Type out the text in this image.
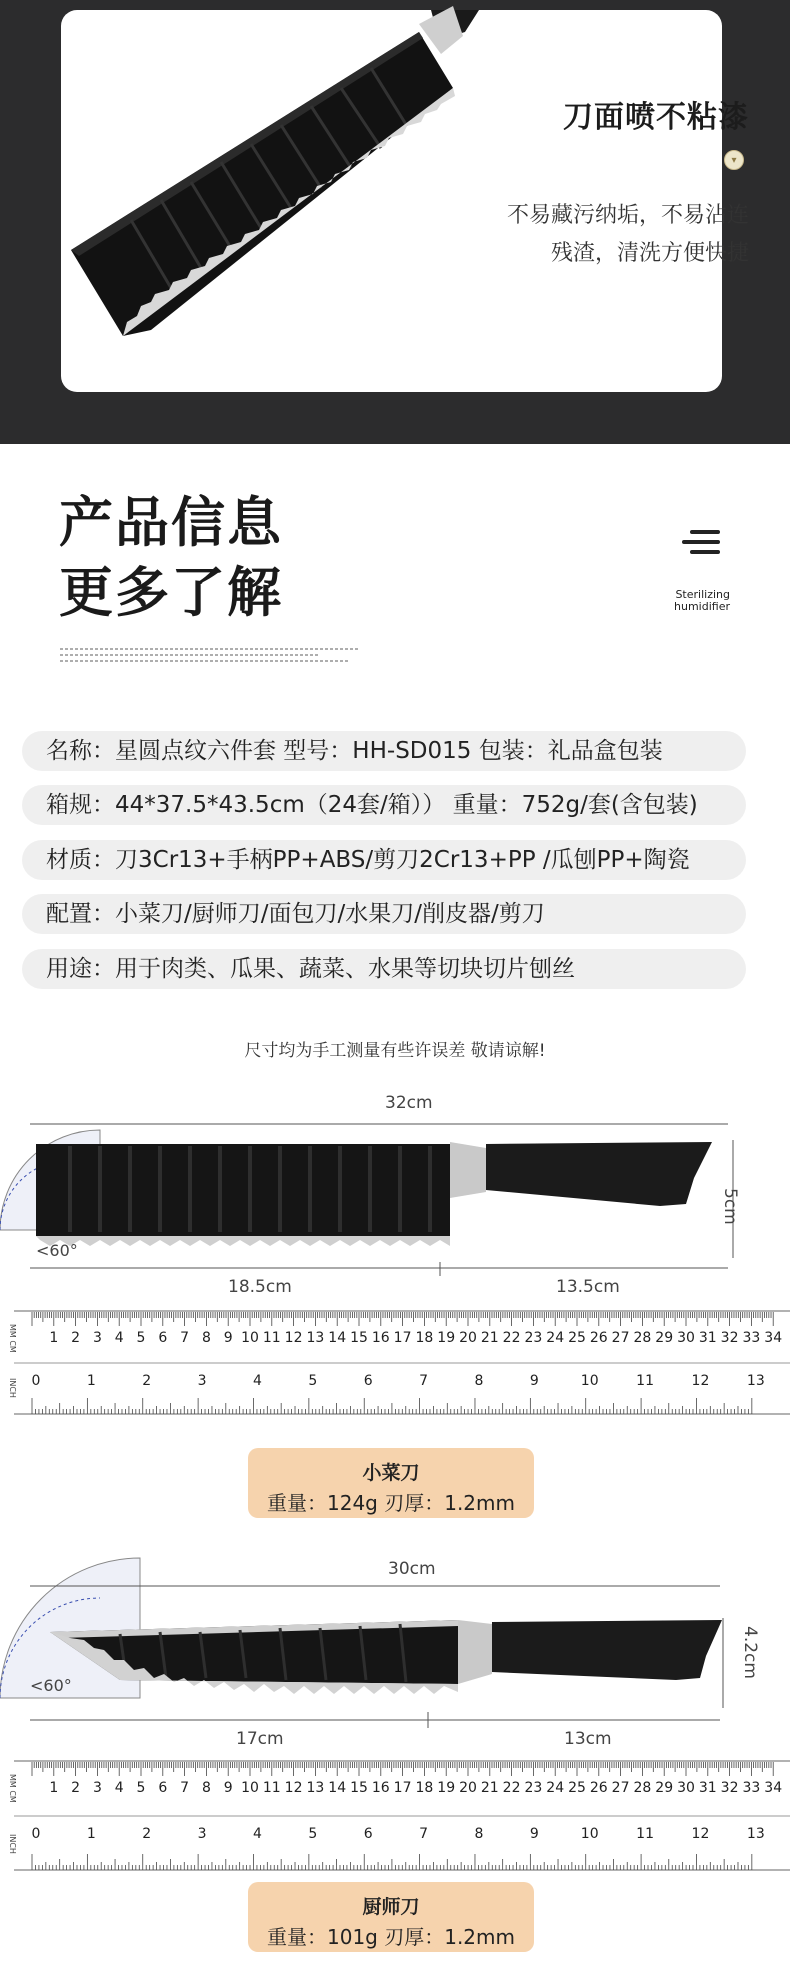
刀面喷不粘漆
▾
不易藏污纳垢，不易沾连
残渣，清洗方便快捷
产品信息
更多了解	Sterilizing
humidifier
名称：星圆点纹六件套 型号：HH-SD015 包装：礼品盒包装
箱规：44*37.5*43.5cm（24套/箱）） 重量：752g/套(含包装)
材质：刀3Cr13+手柄PP+ABS/剪刀2Cr13+PP /瓜刨PP+陶瓷
配置：小菜刀/厨师刀/面包刀/水果刀/削皮器/剪刀
用途：用于肉类、瓜果、蔬菜、水果等切块切片刨丝
尺寸均为手工测量有些许误差 敬请谅解!
32cm
5cm
<60°
18.5cm	13.5cm
MM CM
INCH
1 2 3 4 5 6 7 8 9 10 11 12 13 14 15 16 17 18 19 20 21 22 23 24 25 26 27 28 29 30 31 32 33 34
0	1	2	3	4	5	6	7	8	9	10	11	12	13
小菜刀
重量：124g 刃厚：1.2mm
30cm
4.2cm
<60°
17cm	13cm
MM CM
INCH
1 2 3 4 5 6 7 8 9 10 11 12 13 14 15 16 17 18 19 20 21 22 23 24 25 26 27 28 29 30 31 32 33 34
0	1	2	3	4	5	6	7	8	9	10	11	12	13
厨师刀
重量：101g 刃厚：1.2mm
